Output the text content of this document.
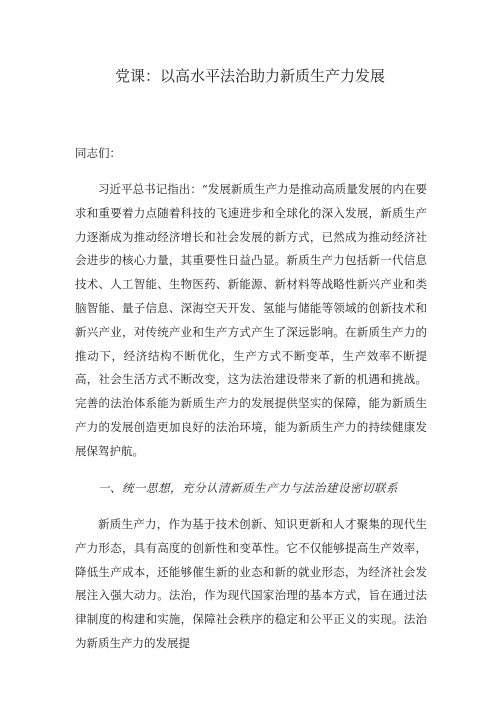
党课：以高水平法治助力新质生产力发展

同志们：

习近平总书记指出：“发展新质生产力是推动高质量发展的内在要求和重要着力点随着科技的飞速进步和全球化的深入发展，新质生产力逐渐成为推动经济增长和社会发展的新方式，已然成为推动经济社会进步的核心力量，其重要性日益凸显。新质生产力包括新一代信息技术、人工智能、生物医药、新能源、新材料等战略性新兴产业和类脑智能、量子信息、深海空天开发、氢能与储能等领域的创新技术和新兴产业，对传统产业和生产方式产生了深远影响。在新质生产力的推动下，经济结构不断优化，生产方式不断变革，生产效率不断提高，社会生活方式不断改变，这为法治建设带来了新的机遇和挑战。完善的法治体系能为新质生产力的发展提供坚实的保障，能为新质生产力的发展创造更加良好的法治环境，能为新质生产力的持续健康发展保驾护航。

一、统一思想，充分认清新质生产力与法治建设密切联系

新质生产力，作为基于技术创新、知识更新和人才聚集的现代生产力形态，具有高度的创新性和变革性。它不仅能够提高生产效率，降低生产成本，还能够催生新的业态和新的就业形态，为经济社会发展注入强大动力。法治，作为现代国家治理的基本方式，旨在通过法律制度的构建和实施，保障社会秩序的稳定和公平正义的实现。法治为新质生产力的发展提
